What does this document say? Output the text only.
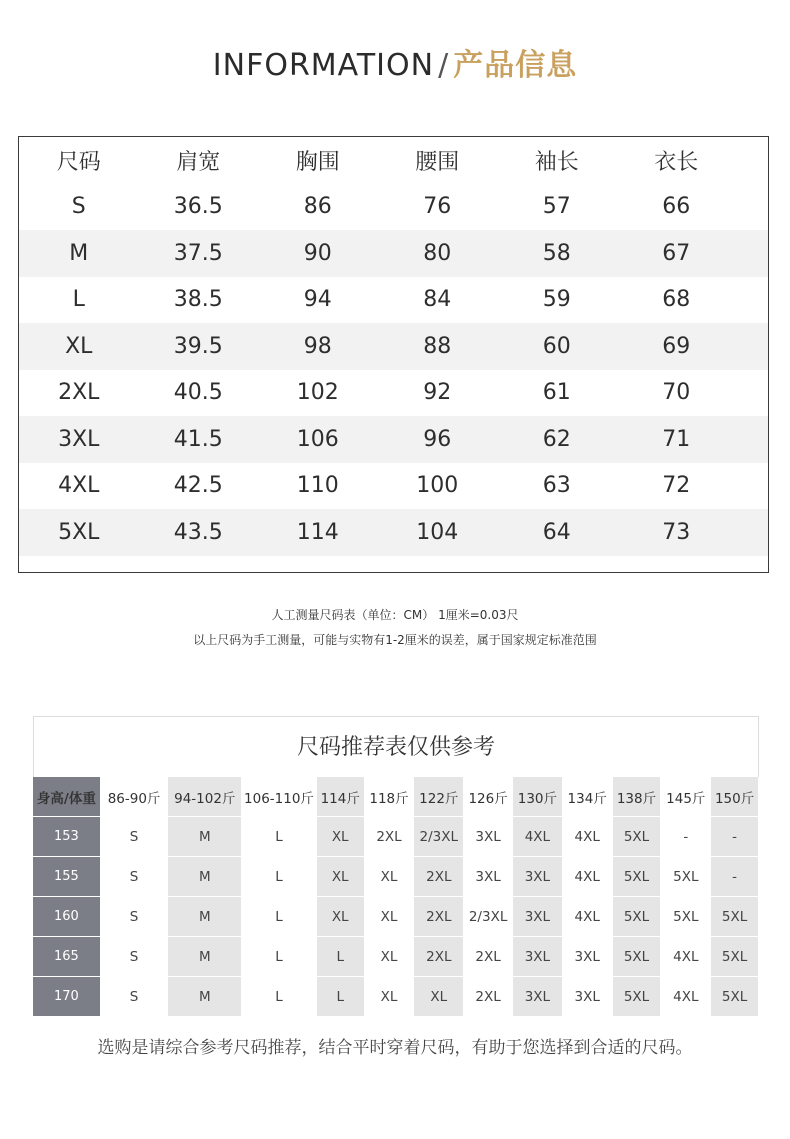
INFORMATION / 产品信息
尺码	肩宽	胸围	腰围	袖长	衣长
S	36.5	86	76	57	66
M	37.5	90	80	58	67
L	38.5	94	84	59	68
XL	39.5	98	88	60	69
2XL	40.5	102	92	61	70
3XL	41.5	106	96	62	71
4XL	42.5	110	100	63	72
5XL	43.5	114	104	64	73
人工测量尺码表（单位：CM） 1厘米=0.03尺
以上尺码为手工测量，可能与实物有1-2厘米的误差，属于国家规定标准范围
尺码推荐表仅供参考
身高/体重 86-90斤	94-102斤 106-110斤 114斤 118斤 122斤 126斤 130斤 134斤 138斤 145斤 150斤
153	S	M	L	XL	2XL	2/3XL	3XL	4XL	4XL	5XL	-	-
155	S	M	L	XL	XL	2XL	3XL	3XL	4XL	5XL	5XL	-
160	S	M	L	XL	XL	2XL	2/3XL	3XL	4XL	5XL	5XL	5XL
165	S	M	L	L	XL	2XL	2XL	3XL	3XL	5XL	4XL	5XL
170	S	M	L	L	XL	XL	2XL	3XL	3XL	5XL	4XL	5XL
选购是请综合参考尺码推荐，结合平时穿着尺码，有助于您选择到合适的尺码。
